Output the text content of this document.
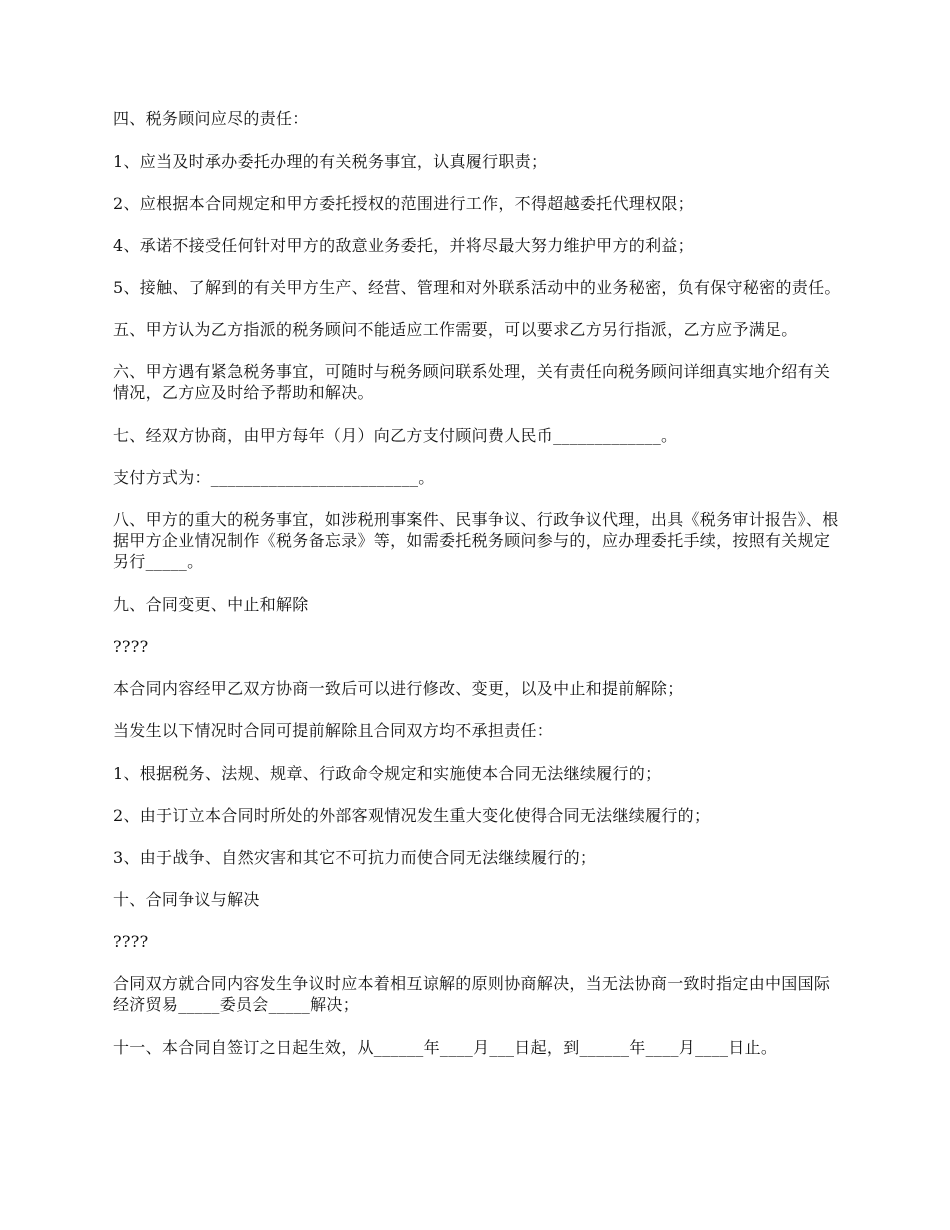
四、税务顾问应尽的责任：

1、应当及时承办委托办理的有关税务事宜，认真履行职责；

2、应根据本合同规定和甲方委托授权的范围进行工作，不得超越委托代理权限；

4、承诺不接受任何针对甲方的敌意业务委托，并将尽最大努力维护甲方的利益；

5、接触、了解到的有关甲方生产、经营、管理和对外联系活动中的业务秘密，负有保守秘密的责任。

五、甲方认为乙方指派的税务顾问不能适应工作需要，可以要求乙方另行指派，乙方应予满足。

六、甲方遇有紧急税务事宜，可随时与税务顾问联系处理，关有责任向税务顾问详细真实地介绍有关情况，乙方应及时给予帮助和解决。

七、经双方协商，由甲方每年（月）向乙方支付顾问费人民币_____________。

支付方式为：_________________________。

八、甲方的重大的税务事宜，如涉税刑事案件、民事争议、行政争议代理，出具《税务审计报告》、根据甲方企业情况制作《税务备忘录》等，如需委托税务顾问参与的，应办理委托手续，按照有关规定另行_____。

九、合同变更、中止和解除

????

本合同内容经甲乙双方协商一致后可以进行修改、变更，以及中止和提前解除；

当发生以下情况时合同可提前解除且合同双方均不承担责任：

1、根据税务、法规、规章、行政命令规定和实施使本合同无法继续履行的；

2、由于订立本合同时所处的外部客观情况发生重大变化使得合同无法继续履行的；

3、由于战争、自然灾害和其它不可抗力而使合同无法继续履行的；

十、合同争议与解决

????

合同双方就合同内容发生争议时应本着相互谅解的原则协商解决，当无法协商一致时指定由中国国际经济贸易_____委员会_____解决；

十一、本合同自签订之日起生效，从______年____月___日起，到______年____月____日止。
